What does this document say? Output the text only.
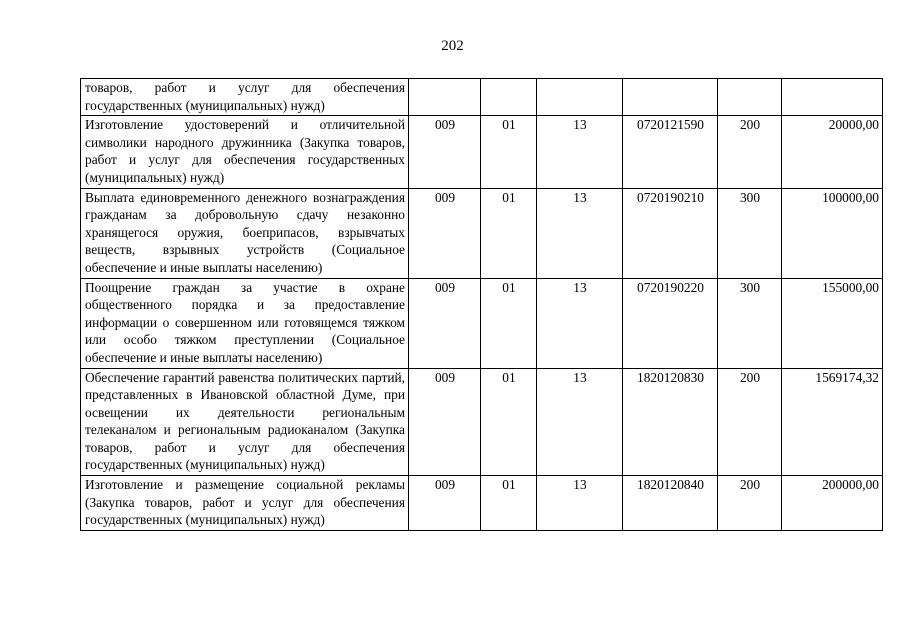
202
товаров, работ и услуг для обеспечения государственных (муниципальных) нужд)						
Изготовление удостоверений и отличительной символики народного дружинника (Закупка товаров, работ и услуг для обеспечения государственных (муниципальных) нужд)	009	01	13	0720121590	200	20000,00
Выплата единовременного денежного вознаграждения гражданам за добровольную сдачу незаконно хранящегося оружия, боеприпасов, взрывчатых веществ, взрывных устройств (Социальное обеспечение и иные выплаты населению)	009	01	13	0720190210	300	100000,00
Поощрение граждан за участие в охране общественного порядка и за предоставление информации о совершенном или готовящемся тяжком или особо тяжком преступлении (Социальное обеспечение и иные выплаты населению)	009	01	13	0720190220	300	155000,00
Обеспечение гарантий равенства политических партий, представленных в Ивановской областной Думе, при освещении их деятельности региональным телеканалом и региональным радиоканалом (Закупка товаров, работ и услуг для обеспечения государственных (муниципальных) нужд)	009	01	13	1820120830	200	1569174,32
Изготовление и размещение социальной рекламы (Закупка товаров, работ и услуг для обеспечения государственных (муниципальных) нужд)	009	01	13	1820120840	200	200000,00
